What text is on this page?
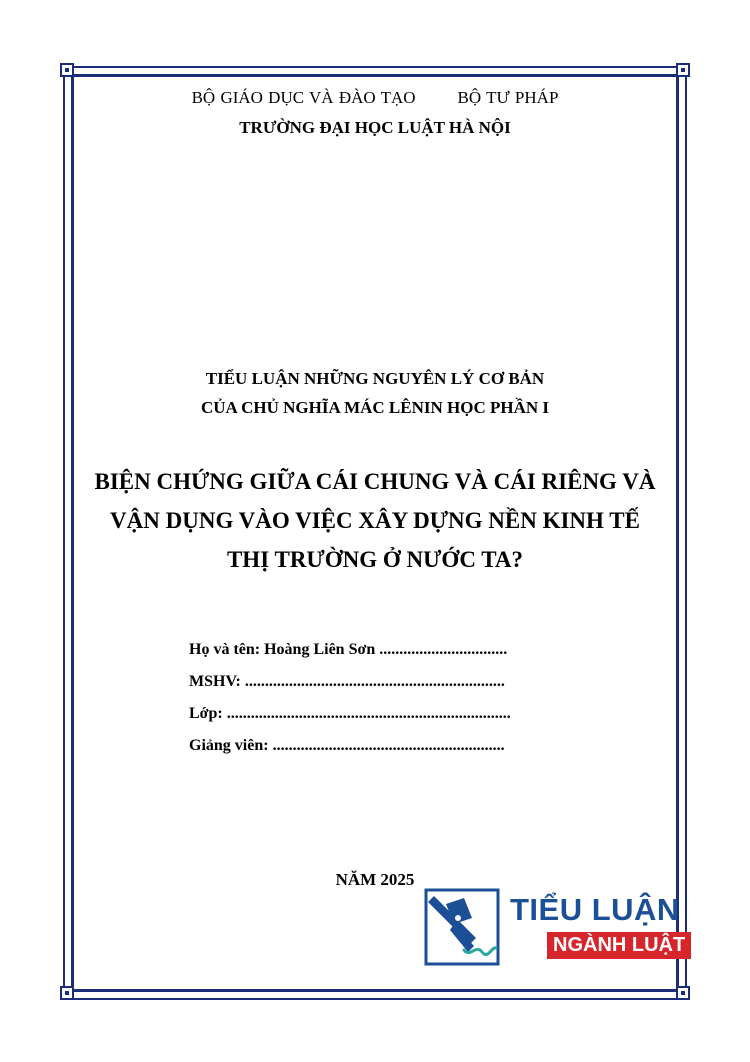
BỘ GIÁO DỤC VÀ ĐÀO TẠO BỘ TƯ PHÁP
TRƯỜNG ĐẠI HỌC LUẬT HÀ NỘI
TIỂU LUẬN NHỮNG NGUYÊN LÝ CƠ BẢN
CỦA CHỦ NGHĨA MÁC LÊNIN HỌC PHẦN I
BIỆN CHỨNG GIỮA CÁI CHUNG VÀ CÁI RIÊNG VÀ
VẬN DỤNG VÀO VIỆC XÂY DỰNG NỀN KINH TẾ
THỊ TRƯỜNG Ở NƯỚC TA?
Họ và tên: Hoàng Liên Sơn ................................
MSHV: .................................................................
Lớp: .......................................................................
Giảng viên: ..........................................................
NĂM 2025
TIỂU LUẬN
NGÀNH LUẬT
